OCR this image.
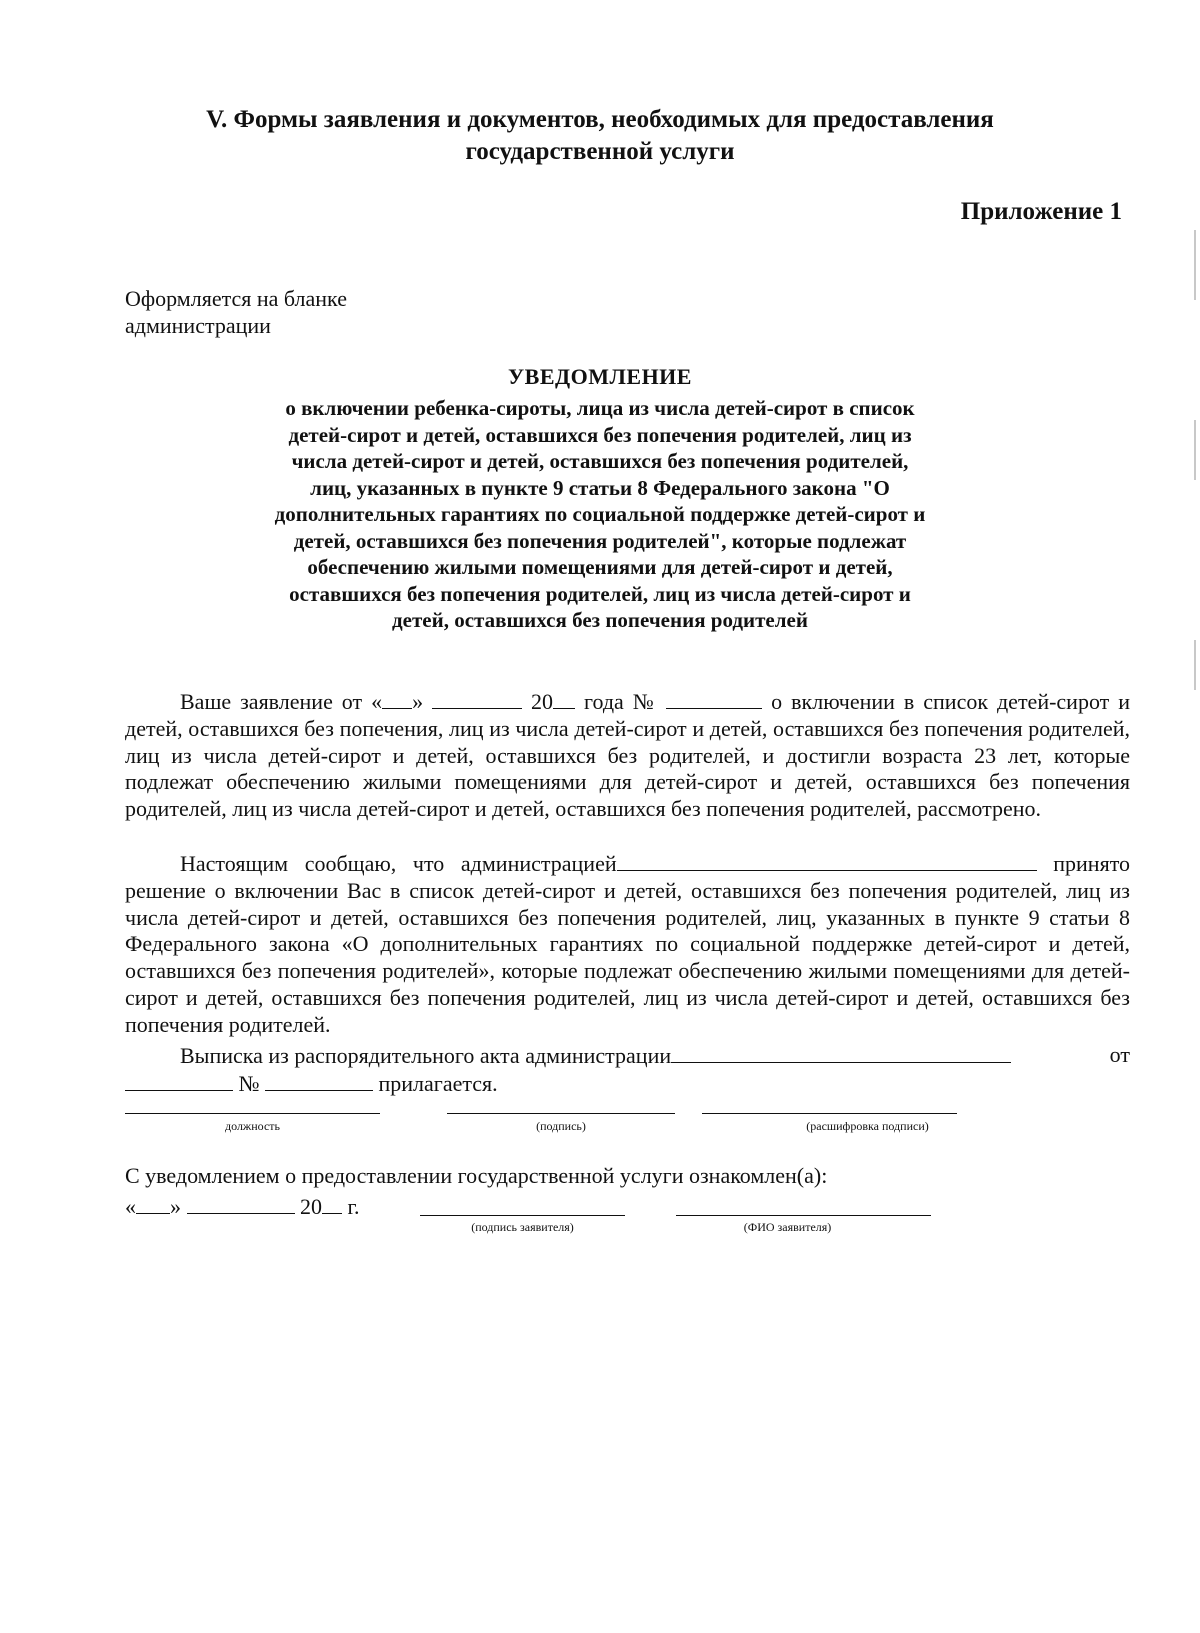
V. Формы заявления и документов, необходимых для предоставления государственной услуги
Приложение 1
Оформляется на бланке
администрации
УВЕДОМЛЕНИЕ
о включении ребенка-сироты, лица из числа детей-сирот в список детей-сирот и детей, оставшихся без попечения родителей, лиц из числа детей-сирот и детей, оставшихся без попечения родителей, лиц, указанных в пункте 9 статьи 8 Федерального закона "О дополнительных гарантиях по социальной поддержке детей-сирот и детей, оставшихся без попечения родителей", которые подлежат обеспечению жилыми помещениями для детей-сирот и детей, оставшихся без попечения родителей, лиц из числа детей-сирот и детей, оставшихся без попечения родителей
Ваше заявление от « »	20 года №	о включении в список детей-сирот и детей, оставшихся без попечения, лиц из числа детей-сирот и детей, оставшихся без попечения родителей, лиц из числа детей-сирот и детей, оставшихся без родителей, и достигли возраста 23 лет, которые подлежат обеспечению жилыми помещениями для детей-сирот и детей, оставшихся без попечения родителей, лиц из числа детей-сирот и детей, оставшихся без попечения родителей, рассмотрено.
Настоящим сообщаю, что администрацией	принято решение о включении Вас в список детей-сирот и детей, оставшихся без попечения родителей, лиц из числа детей-сирот и детей, оставшихся без попечения родителей, лиц, указанных в пункте 9 статьи 8 Федерального закона «О дополнительных гарантиях по социальной поддержке детей-сирот и детей, оставшихся без попечения родителей», которые подлежат обеспечению жилыми помещениями для детей-сирот и детей, оставшихся без попечения родителей, лиц из числа детей-сирот и детей, оставшихся без попечения родителей.
Выписка из распорядительного акта администрации	от

№	прилагается.
должность	(подпись)	(расшифровка подписи)
С уведомлением о предоставлении государственной услуги ознакомлен(а):
« »	20 г.
(подпись заявителя)	(ФИО заявителя)
